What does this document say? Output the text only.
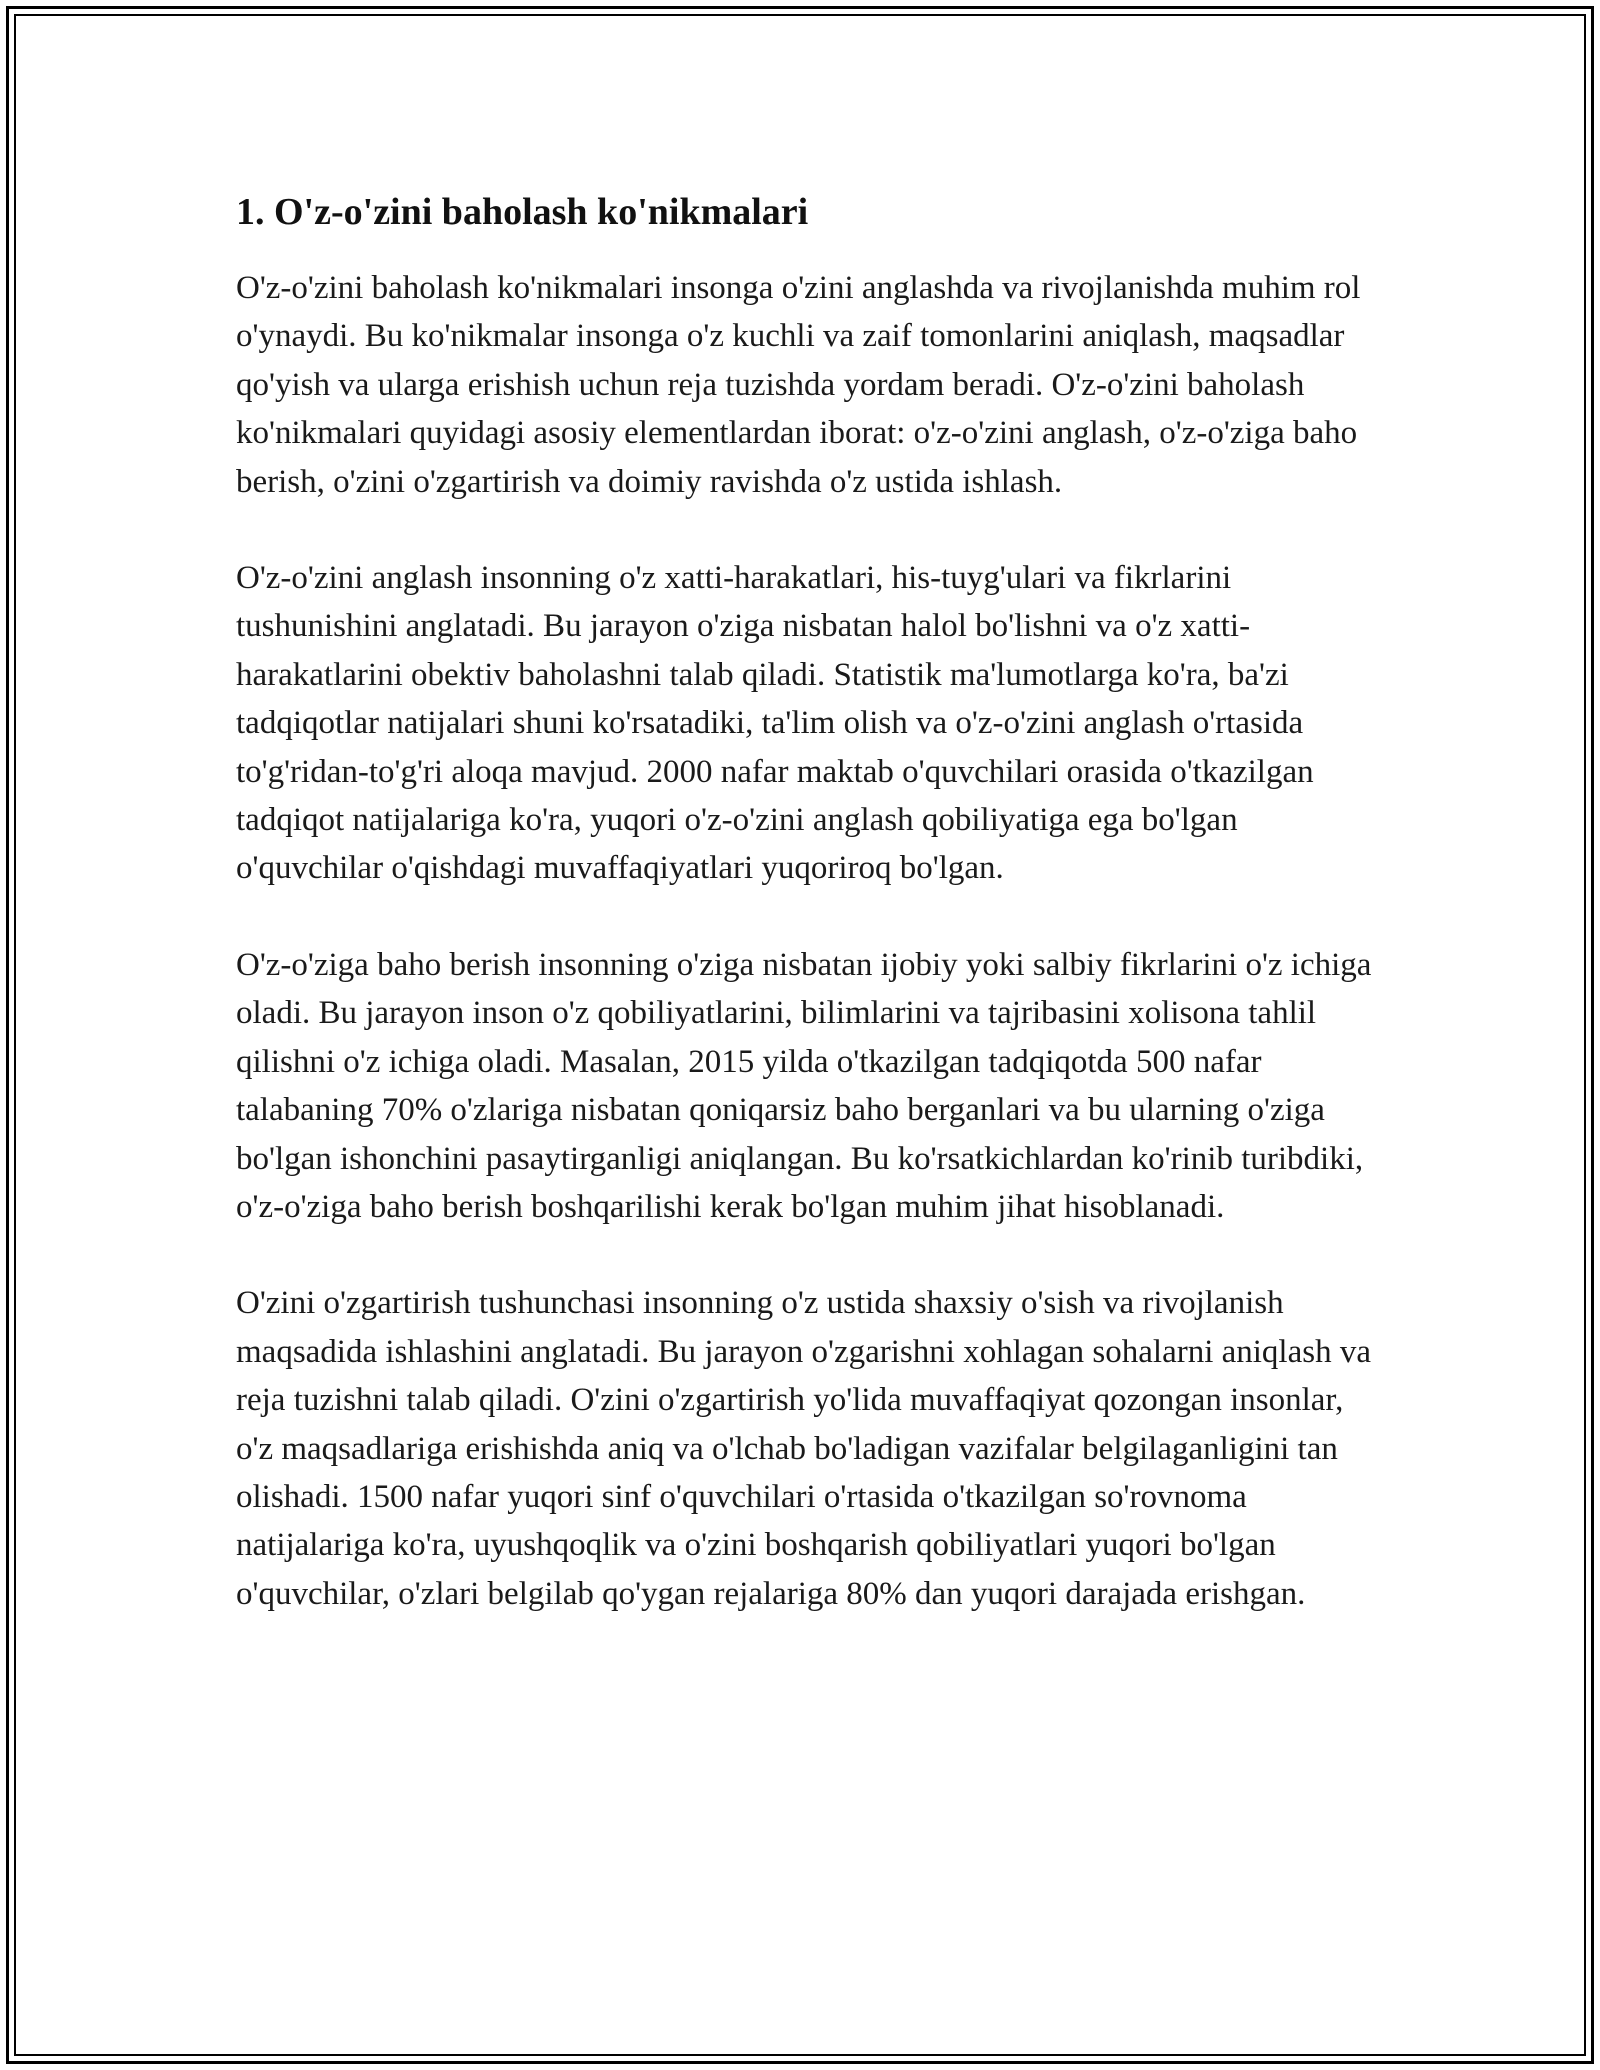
1. O'z-o'zini baholash ko'nikmalari

O'z-o'zini baholash ko'nikmalari insonga o'zini anglashda va rivojlanishda muhim rol o'ynaydi. Bu ko'nikmalar insonga o'z kuchli va zaif tomonlarini aniqlash, maqsadlar qo'yish va ularga erishish uchun reja tuzishda yordam beradi. O'z-o'zini baholash ko'nikmalari quyidagi asosiy elementlardan iborat: o'z-o'zini anglash, o'z-o'ziga baho berish, o'zini o'zgartirish va doimiy ravishda o'z ustida ishlash.

O'z-o'zini anglash insonning o'z xatti-harakatlari, his-tuyg'ulari va fikrlarini tushunishini anglatadi. Bu jarayon o'ziga nisbatan halol bo'lishni va o'z xatti-harakatlarini obektiv baholashni talab qiladi. Statistik ma'lumotlarga ko'ra, ba'zi tadqiqotlar natijalari shuni ko'rsatadiki, ta'lim olish va o'z-o'zini anglash o'rtasida to'g'ridan-to'g'ri aloqa mavjud. 2000 nafar maktab o'quvchilari orasida o'tkazilgan tadqiqot natijalariga ko'ra, yuqori o'z-o'zini anglash qobiliyatiga ega bo'lgan o'quvchilar o'qishdagi muvaffaqiyatlari yuqoriroq bo'lgan.

O'z-o'ziga baho berish insonning o'ziga nisbatan ijobiy yoki salbiy fikrlarini o'z ichiga oladi. Bu jarayon inson o'z qobiliyatlarini, bilimlarini va tajribasini xolisona tahlil qilishni o'z ichiga oladi. Masalan, 2015 yilda o'tkazilgan tadqiqotda 500 nafar talabaning 70% o'zlariga nisbatan qoniqarsiz baho berganlari va bu ularning o'ziga bo'lgan ishonchini pasaytirganligi aniqlangan. Bu ko'rsatkichlardan ko'rinib turibdiki, o'z-o'ziga baho berish boshqarilishi kerak bo'lgan muhim jihat hisoblanadi.

O'zini o'zgartirish tushunchasi insonning o'z ustida shaxsiy o'sish va rivojlanish maqsadida ishlashini anglatadi. Bu jarayon o'zgarishni xohlagan sohalarni aniqlash va reja tuzishni talab qiladi. O'zini o'zgartirish yo'lida muvaffaqiyat qozongan insonlar, o'z maqsadlariga erishishda aniq va o'lchab bo'ladigan vazifalar belgilaganligini tan olishadi. 1500 nafar yuqori sinf o'quvchilari o'rtasida o'tkazilgan so'rovnoma natijalariga ko'ra, uyushqoqlik va o'zini boshqarish qobiliyatlari yuqori bo'lgan o'quvchilar, o'zlari belgilab qo'ygan rejalariga 80% dan yuqori darajada erishgan.
